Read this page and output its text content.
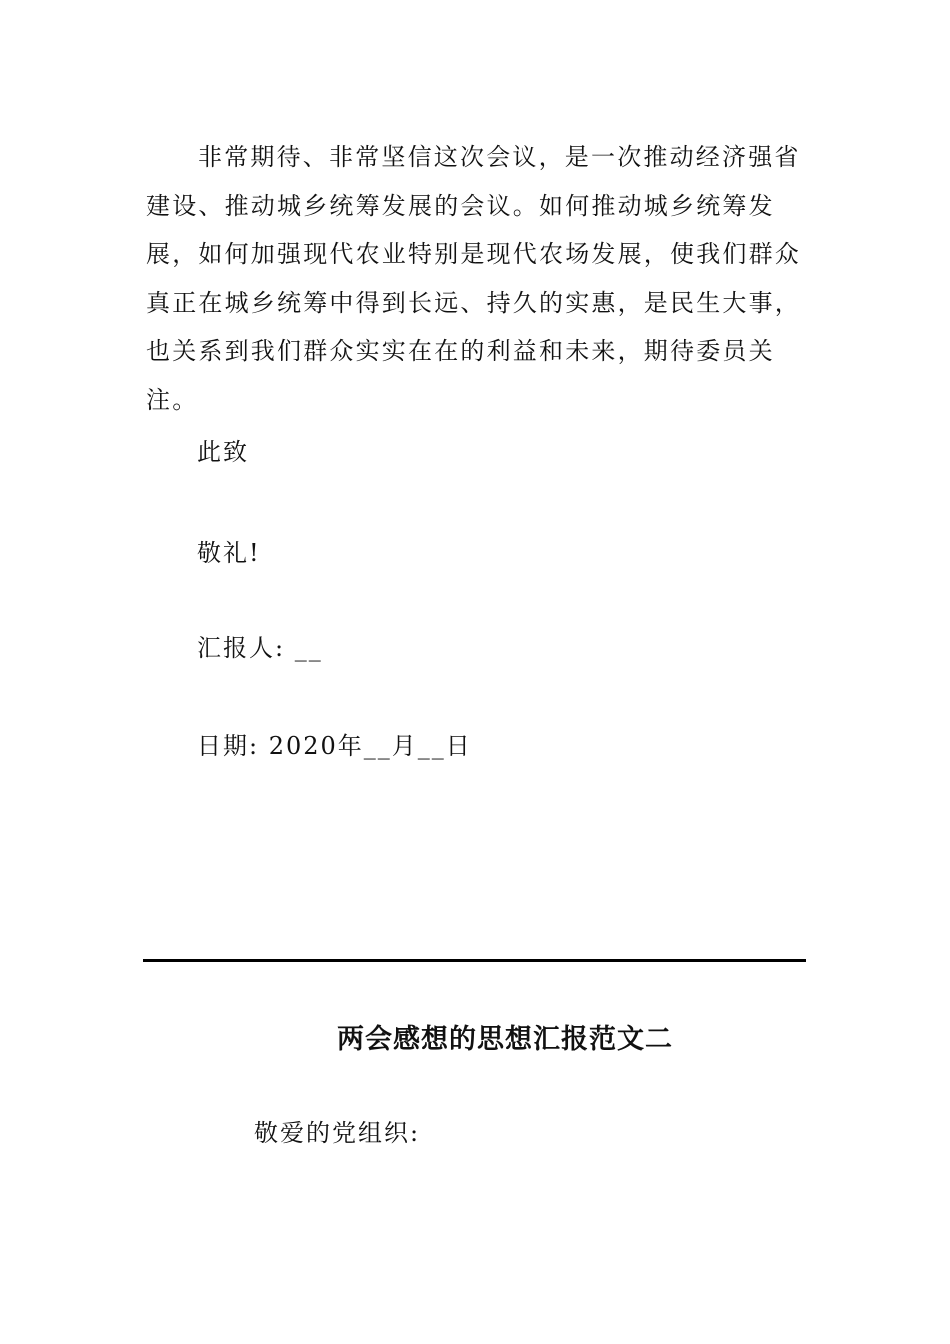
非常期待、非常坚信这次会议，是一次推动经济强省建设、推动城乡统筹发展的会议。如何推动城乡统筹发展，如何加强现代农业特别是现代农场发展，使我们群众真正在城乡统筹中得到长远、持久的实惠，是民生大事，也关系到我们群众实实在在的利益和未来，期待委员关注。

此致

敬礼!

汇报人: __

日期: 2020年__月__日

两会感想的思想汇报范文二

敬爱的党组织:
